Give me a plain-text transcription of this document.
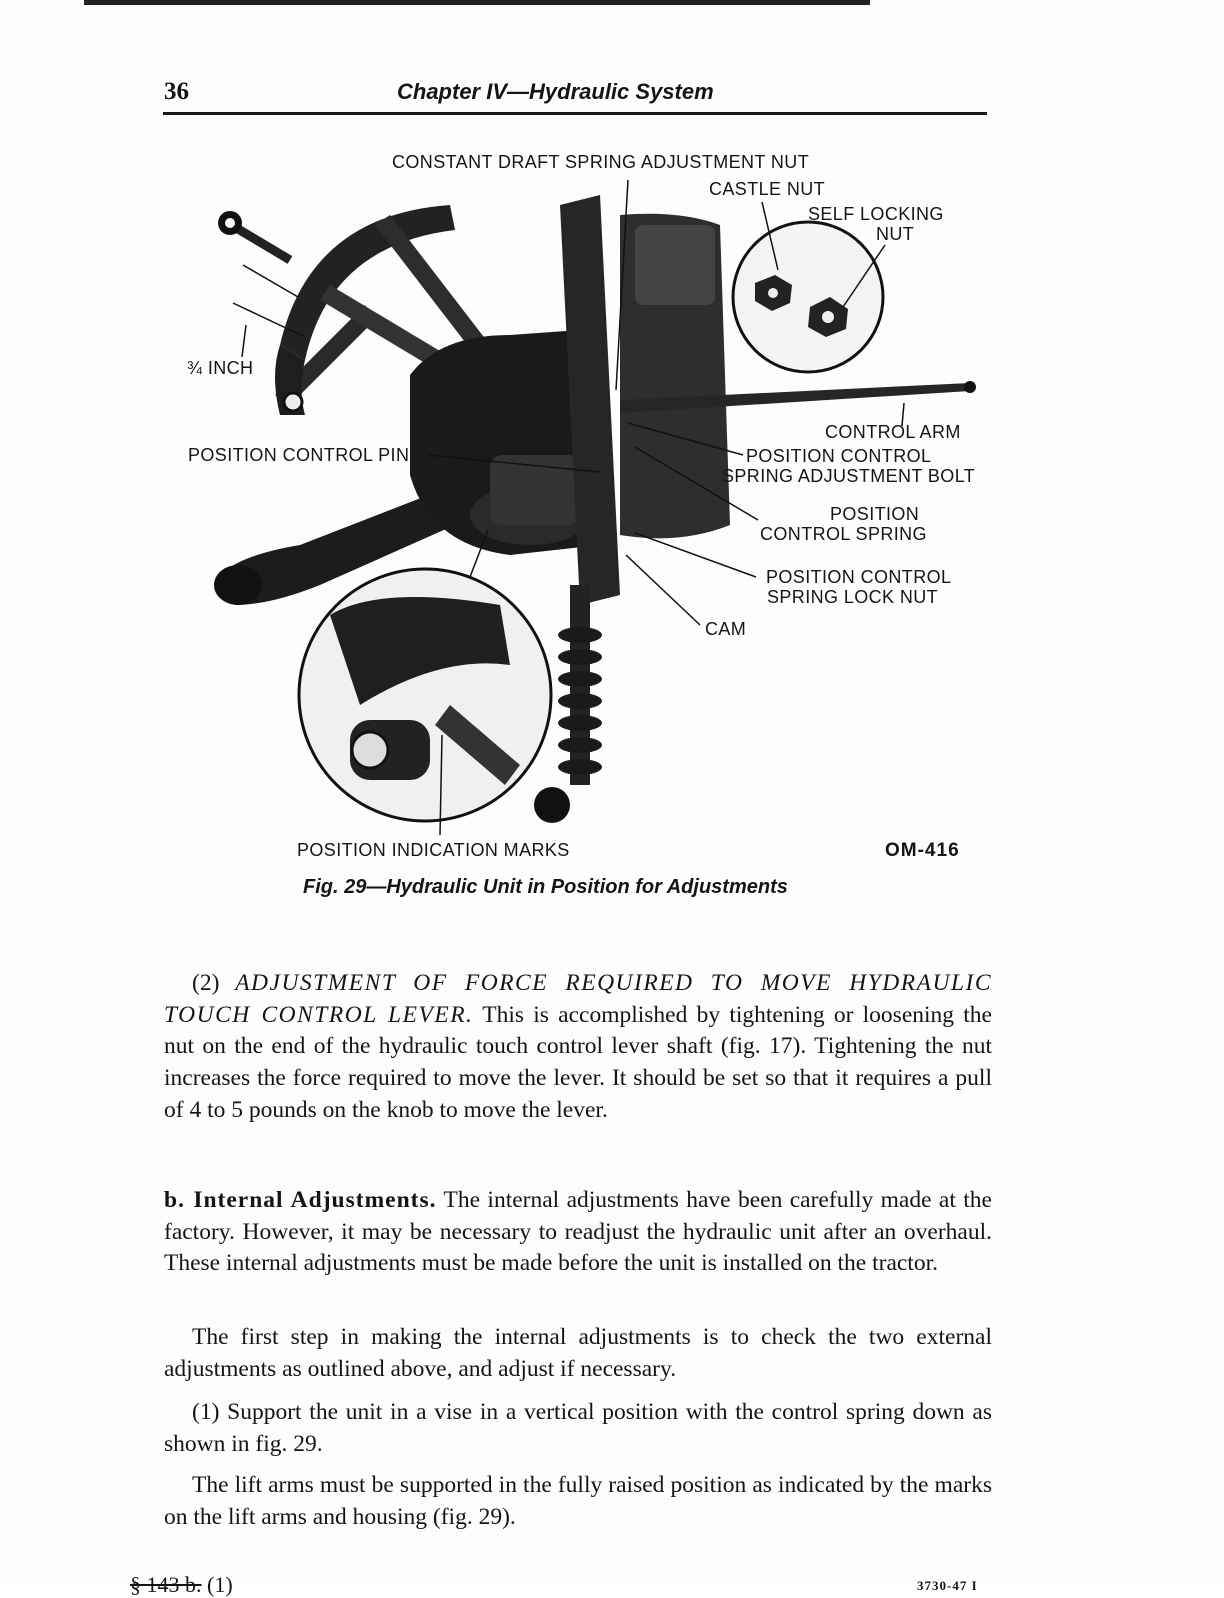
36	Chapter IV—Hydraulic System
CONSTANT DRAFT SPRING ADJUSTMENT NUT
CASTLE NUT
SELF LOCKING
NUT
¾ INCH
CONTROL ARM
POSITION CONTROL PIN	POSITION CONTROL
SPRING ADJUSTMENT BOLT
POSITION
CONTROL SPRING
POSITION CONTROL
SPRING LOCK NUT
CAM
POSITION INDICATION MARKS	OM-416
Fig. 29—Hydraulic Unit in Position for Adjustments

(2) ADJUSTMENT OF FORCE REQUIRED TO MOVE HYDRAULIC TOUCH CONTROL LEVER. This is accomplished by tightening or loosening the nut on the end of the hydraulic touch control lever shaft (fig. 17). Tightening the nut increases the force required to move the lever. It should be set so that it requires a pull of 4 to 5 pounds on the knob to move the lever.

b. Internal Adjustments. The internal adjustments have been carefully made at the factory. However, it may be necessary to readjust the hydraulic unit after an overhaul. These internal adjustments must be made before the unit is installed on the tractor.

The first step in making the internal adjustments is to check the two external adjustments as outlined above, and adjust if necessary.

(1) Support the unit in a vise in a vertical position with the control spring down as shown in fig. 29.

The lift arms must be supported in the fully raised position as indicated by the marks on the lift arms and housing (fig. 29).

§ 143 b. (1)	3730-47 I
